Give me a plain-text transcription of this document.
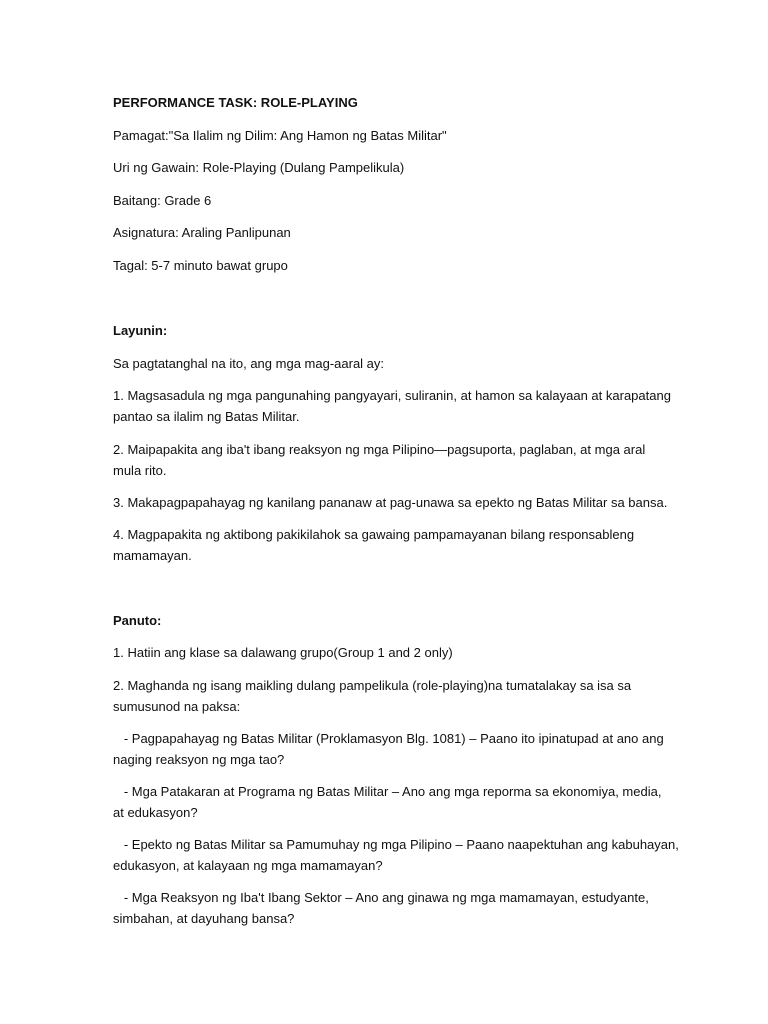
PERFORMANCE TASK: ROLE-PLAYING
Pamagat:"Sa Ilalim ng Dilim: Ang Hamon ng Batas Militar"
Uri ng Gawain: Role-Playing (Dulang Pampelikula)
Baitang: Grade 6
Asignatura: Araling Panlipunan
Tagal: 5-7 minuto bawat grupo
Layunin:
Sa pagtatanghal na ito, ang mga mag-aaral ay:
1. Magsasadula ng mga pangunahing pangyayari, suliranin, at hamon sa kalayaan at karapatang
pantao sa ilalim ng Batas Militar.
2. Maipapakita ang iba't ibang reaksyon ng mga Pilipino—pagsuporta, paglaban, at mga aral
mula rito.
3. Makapagpapahayag ng kanilang pananaw at pag-unawa sa epekto ng Batas Militar sa bansa.
4. Magpapakita ng aktibong pakikilahok sa gawaing pampamayanan bilang responsableng
mamamayan.
Panuto:
1. Hatiin ang klase sa dalawang grupo(Group 1 and 2 only)
2. Maghanda ng isang maikling dulang pampelikula (role-playing)na tumatalakay sa isa sa
sumusunod na paksa:
- Pagpapahayag ng Batas Militar (Proklamasyon Blg. 1081) – Paano ito ipinatupad at ano ang
naging reaksyon ng mga tao?
- Mga Patakaran at Programa ng Batas Militar – Ano ang mga reporma sa ekonomiya, media,
at edukasyon?
- Epekto ng Batas Militar sa Pamumuhay ng mga Pilipino – Paano naapektuhan ang kabuhayan,
edukasyon, at kalayaan ng mga mamamayan?
- Mga Reaksyon ng Iba't Ibang Sektor – Ano ang ginawa ng mga mamamayan, estudyante,
simbahan, at dayuhang bansa?
